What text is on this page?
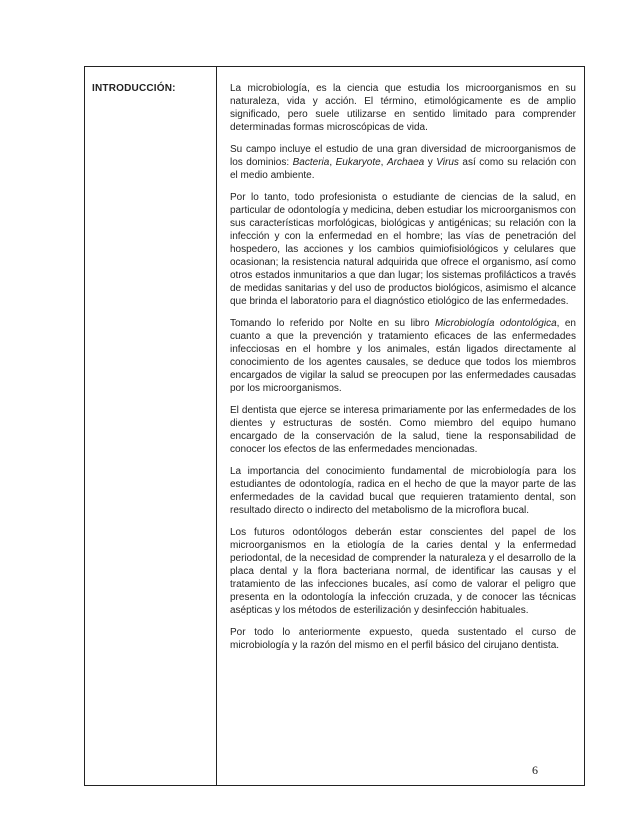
INTRODUCCIÓN:	La microbiología, es la ciencia que estudia los microorganismos en su naturaleza, vida y acción. El término, etimológicamente es de amplio significado, pero suele utilizarse en sentido limitado para comprender determinadas formas microscópicas de vida.

Su campo incluye el estudio de una gran diversidad de microorganismos de los dominios: Bacteria, Eukaryote, Archaea y Virus así como su relación con el medio ambiente.

Por lo tanto, todo profesionista o estudiante de ciencias de la salud, en particular de odontología y medicina, deben estudiar los microorganismos con sus características morfológicas, biológicas y antigénicas; su relación con la infección y con la enfermedad en el hombre; las vías de penetración del hospedero, las acciones y los cambios quimiofisiológicos y celulares que ocasionan; la resistencia natural adquirida que ofrece el organismo, así como otros estados inmunitarios a que dan lugar; los sistemas profilácticos a través de medidas sanitarias y del uso de productos biológicos, asimismo el alcance que brinda el laboratorio para el diagnóstico etiológico de las enfermedades.

Tomando lo referido por Nolte en su libro Microbiología odontológica, en cuanto a que la prevención y tratamiento eficaces de las enfermedades infecciosas en el hombre y los animales, están ligados directamente al conocimiento de los agentes causales, se deduce que todos los miembros encargados de vigilar la salud se preocupen por las enfermedades causadas por los microorganismos.

El dentista que ejerce se interesa primariamente por las enfermedades de los dientes y estructuras de sostén. Como miembro del equipo humano encargado de la conservación de la salud, tiene la responsabilidad de conocer los efectos de las enfermedades mencionadas.

La importancia del conocimiento fundamental de microbiología para los estudiantes de odontología, radica en el hecho de que la mayor parte de las enfermedades de la cavidad bucal que requieren tratamiento dental, son resultado directo o indirecto del metabolismo de la microflora bucal.

Los futuros odontólogos deberán estar conscientes del papel de los microorganismos en la etiología de la caries dental y la enfermedad periodontal, de la necesidad de comprender la naturaleza y el desarrollo de la placa dental y la flora bacteriana normal, de identificar las causas y el tratamiento de las infecciones bucales, así como de valorar el peligro que presenta en la odontología la infección cruzada, y de conocer las técnicas asépticas y los métodos de esterilización y desinfección habituales.

Por todo lo anteriormente expuesto, queda sustentado el curso de microbiología y la razón del mismo en el perfil básico del cirujano dentista.

6
